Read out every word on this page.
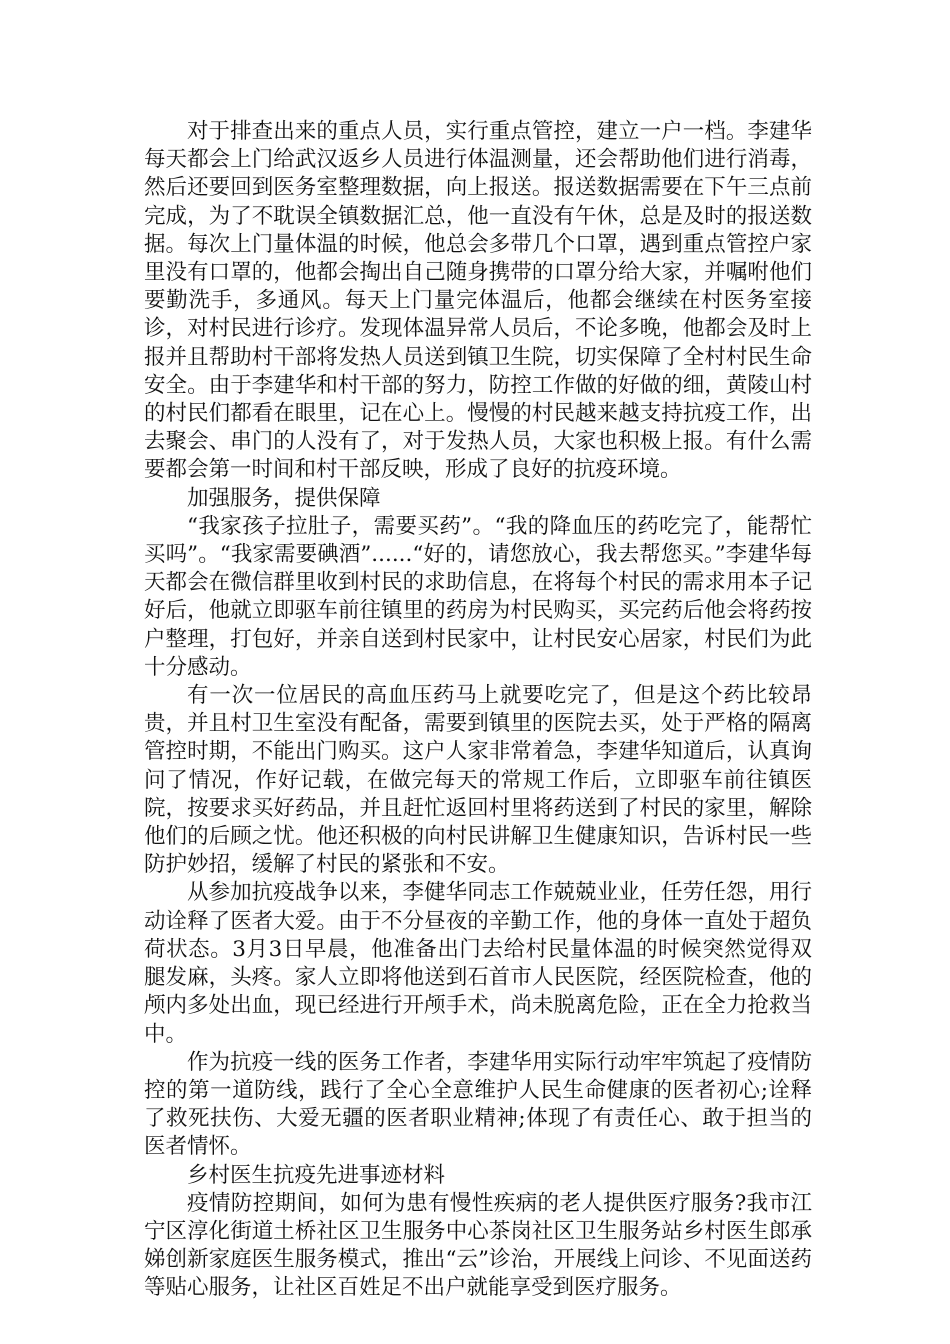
对于排查出来的重点人员，实行重点管控，建立一户一档。李建华每天都会上门给武汉返乡人员进行体温测量，还会帮助他们进行消毒，然后还要回到医务室整理数据，向上报送。报送数据需要在下午三点前完成，为了不耽误全镇数据汇总，他一直没有午休，总是及时的报送数据。每次上门量体温的时候，他总会多带几个口罩，遇到重点管控户家里没有口罩的，他都会掏出自己随身携带的口罩分给大家，并嘱咐他们要勤洗手，多通风。每天上门量完体温后，他都会继续在村医务室接诊，对村民进行诊疗。发现体温异常人员后，不论多晚，他都会及时上报并且帮助村干部将发热人员送到镇卫生院，切实保障了全村村民生命安全。由于李建华和村干部的努力，防控工作做的好做的细，黄陵山村的村民们都看在眼里，记在心上。慢慢的村民越来越支持抗疫工作，出去聚会、串门的人没有了，对于发热人员，大家也积极上报。有什么需要都会第一时间和村干部反映，形成了良好的抗疫环境。

加强服务，提供保障

“我家孩子拉肚子，需要买药”。“我的降血压的药吃完了，能帮忙买吗”。“我家需要碘酒”......“好的，请您放心，我去帮您买。”李建华每天都会在微信群里收到村民的求助信息，在将每个村民的需求用本子记好后，他就立即驱车前往镇里的药房为村民购买，买完药后他会将药按户整理，打包好，并亲自送到村民家中，让村民安心居家，村民们为此十分感动。

有一次一位居民的高血压药马上就要吃完了，但是这个药比较昂贵，并且村卫生室没有配备，需要到镇里的医院去买，处于严格的隔离管控时期，不能出门购买。这户人家非常着急，李建华知道后，认真询问了情况，作好记载，在做完每天的常规工作后，立即驱车前往镇医院，按要求买好药品，并且赶忙返回村里将药送到了村民的家里，解除他们的后顾之忧。他还积极的向村民讲解卫生健康知识，告诉村民一些防护妙招，缓解了村民的紧张和不安。

从参加抗疫战争以来，李健华同志工作兢兢业业，任劳任怨，用行动诠释了医者大爱。由于不分昼夜的辛勤工作，他的身体一直处于超负荷状态。3月3日早晨，他准备出门去给村民量体温的时候突然觉得双腿发麻，头疼。家人立即将他送到石首市人民医院，经医院检查，他的颅内多处出血，现已经进行开颅手术，尚未脱离危险，正在全力抢救当中。

作为抗疫一线的医务工作者，李建华用实际行动牢牢筑起了疫情防控的第一道防线，践行了全心全意维护人民生命健康的医者初心;诠释了救死扶伤、大爱无疆的医者职业精神;体现了有责任心、敢于担当的医者情怀。

乡村医生抗疫先进事迹材料

疫情防控期间，如何为患有慢性疾病的老人提供医疗服务?我市江宁区淳化街道土桥社区卫生服务中心茶岗社区卫生服务站乡村医生郎承娣创新家庭医生服务模式，推出“云”诊治，开展线上问诊、不见面送药等贴心服务，让社区百姓足不出户就能享受到医疗服务。
